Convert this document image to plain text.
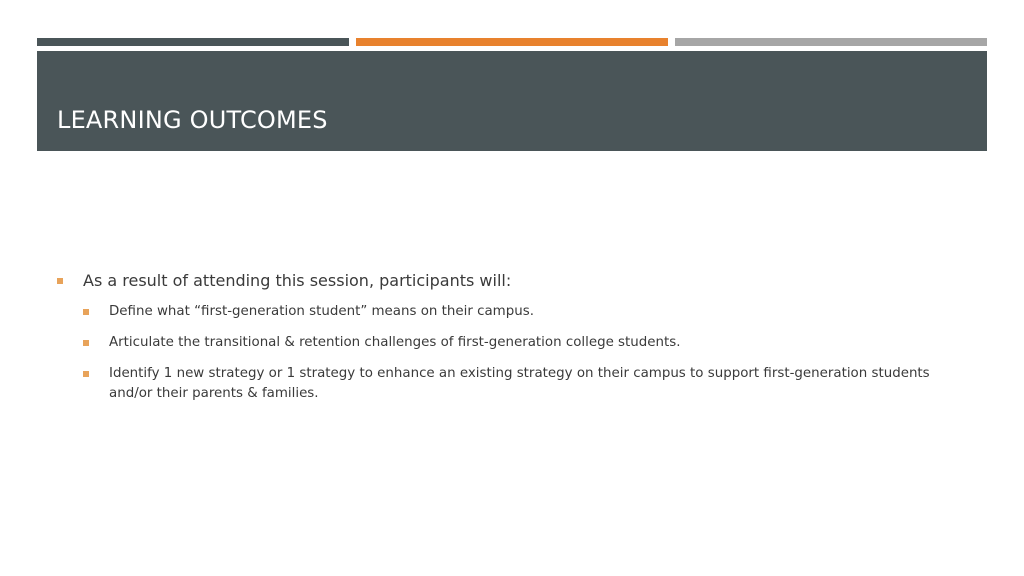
LEARNING OUTCOMES
As a result of attending this session, participants will:
Define what “first-generation student” means on their campus.
Articulate the transitional & retention challenges of first-generation college students.
Identify 1 new strategy or 1 strategy to enhance an existing strategy on their campus to support first-generation students and/or their parents & families.
